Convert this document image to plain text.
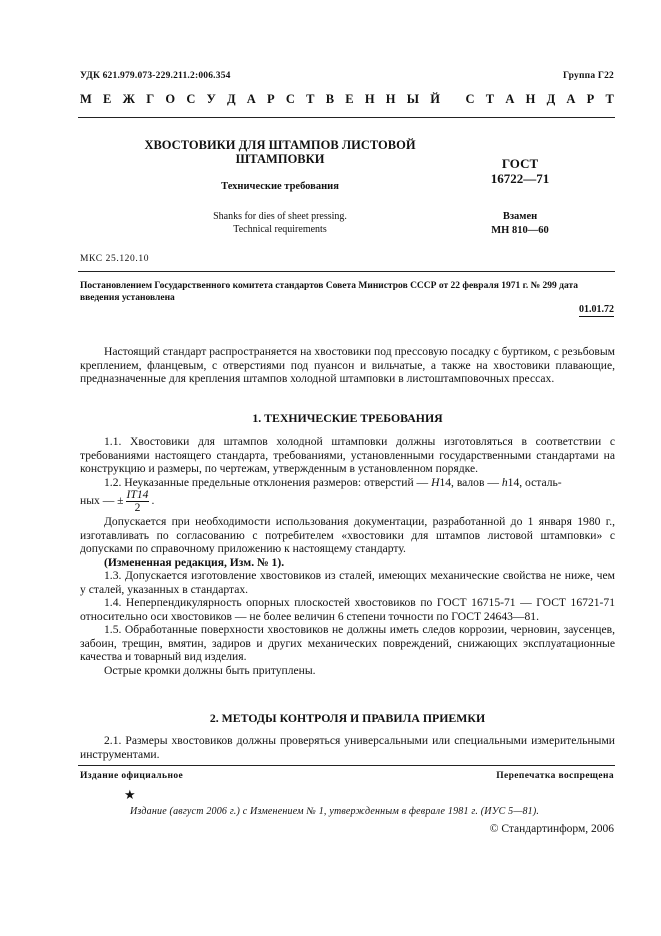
УДК 621.979.073-229.211.2:006.354	Группа Г22
М Е Ж Г О С У Д А Р С Т В Е Н Н Ы Й
С Т А Н Д А Р Т
ХВОСТОВИКИ ДЛЯ ШТАМПОВ ЛИСТОВОЙ
ШТАМПОВКИ
Технические требования
Shanks for dies of sheet pressing.
Technical requirements
ГОСТ
16722—71
Взамен
МН 810—60
МКС 25.120.10
Постановлением Государственного комитета стандартов Совета Министров СССР от 22 февраля 1971 г. № 299 дата введения установлена
01.01.72

Настоящий стандарт распространяется на хвостовики под прессовую посадку с буртиком, с резьбовым креплением, фланцевым, с отверстиями под пуансон и вильчатые, а также на хвостовики плавающие, предназначенные для крепления штампов холодной штамповки в листоштамповочных прессах.

1. ТЕХНИЧЕСКИЕ ТРЕБОВАНИЯ

1.1. Хвостовики для штампов холодной штамповки должны изготовляться в соответствии с требованиями настоящего стандарта, требованиями, установленными государственными стандартами на конструкцию и размеры, по чертежам, утвержденным в установленном порядке.

1.2. Неуказанные предельные отклонения размеров: отверстий — H14, валов — h14, осталь-

ных — ± $\frac{IT14}{2}$ .

Допускается при необходимости использования документации, разработанной до 1 января 1980 г., изготавливать по согласованию с потребителем «хвостовики для штампов листовой штамповки» с допусками по справочному приложению к настоящему стандарту.

(Измененная редакция, Изм. № 1).

1.3. Допускается изготовление хвостовиков из сталей, имеющих механические свойства не ниже, чем у сталей, указанных в стандартах.

1.4. Неперпендикулярность опорных плоскостей хвостовиков по ГОСТ 16715-71 — ГОСТ 16721-71 относительно оси хвостовиков — не более величин 6 степени точности по ГОСТ 24643—81.

1.5. Обработанные поверхности хвостовиков не должны иметь следов коррозии, черновин, заусенцев, забоин, трещин, вмятин, задиров и других механических повреждений, снижающих эксплуатационные качества и товарный вид изделия.

Острые кромки должны быть притуплены.

2. МЕТОДЫ КОНТРОЛЯ И ПРАВИЛА ПРИЕМКИ

2.1. Размеры хвостовиков должны проверяться универсальными или специальными измерительными инструментами.

Издание официальное	Перепечатка воспрещена
★
Издание (август 2006 г.) с Изменением № 1, утвержденным в феврале 1981 г. (ИУС 5—81).
© Стандартинформ, 2006
